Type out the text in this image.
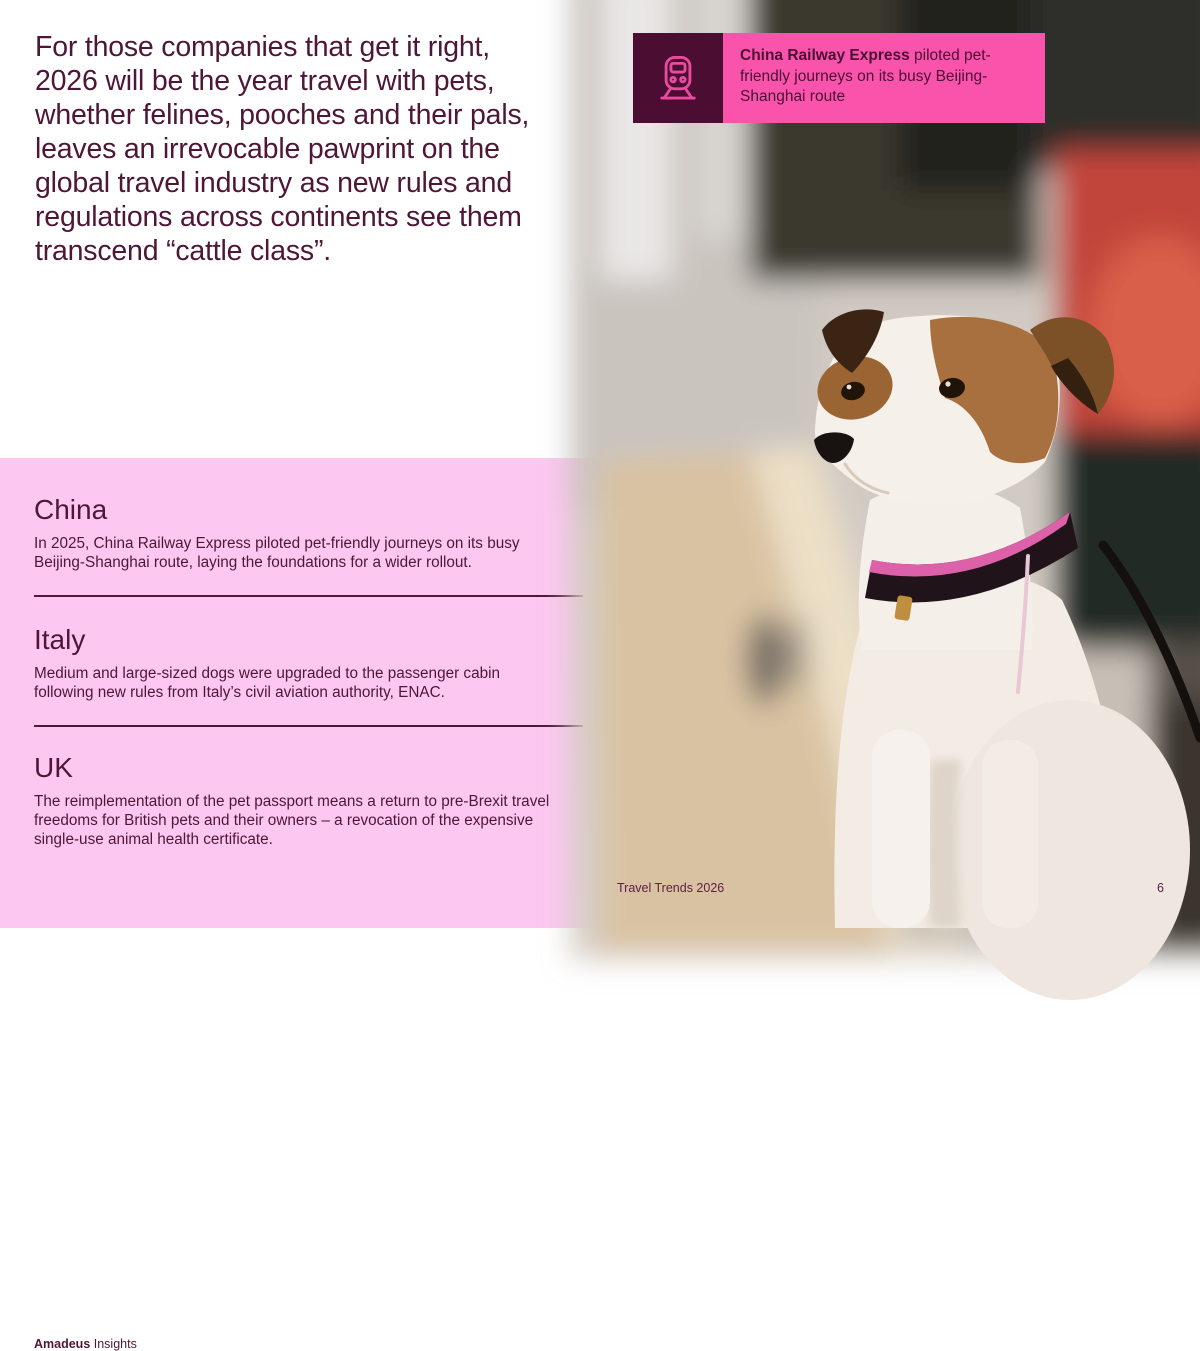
For those companies that get it right,
2026 will be the year travel with pets,
whether felines, pooches and their pals,
leaves an irrevocable pawprint on the
global travel industry as new rules and
regulations across continents see them
transcend “cattle class”.
China

In 2025, China Railway Express piloted pet-friendly journeys on its busy Beijing-Shanghai route, laying the foundations for a wider rollout.

Italy

Medium and large-sized dogs were upgraded to the passenger cabin following new rules from Italy’s civil aviation authority, ENAC.

UK

The reimplementation of the pet passport means a return to pre-Brexit travel freedoms for British pets and their owners – a revocation of the expensive single-use animal health certificate.

Amadeus Insights
China Railway Express piloted pet-friendly journeys on its busy Beijing-Shanghai route
Travel Trends 2026	6
